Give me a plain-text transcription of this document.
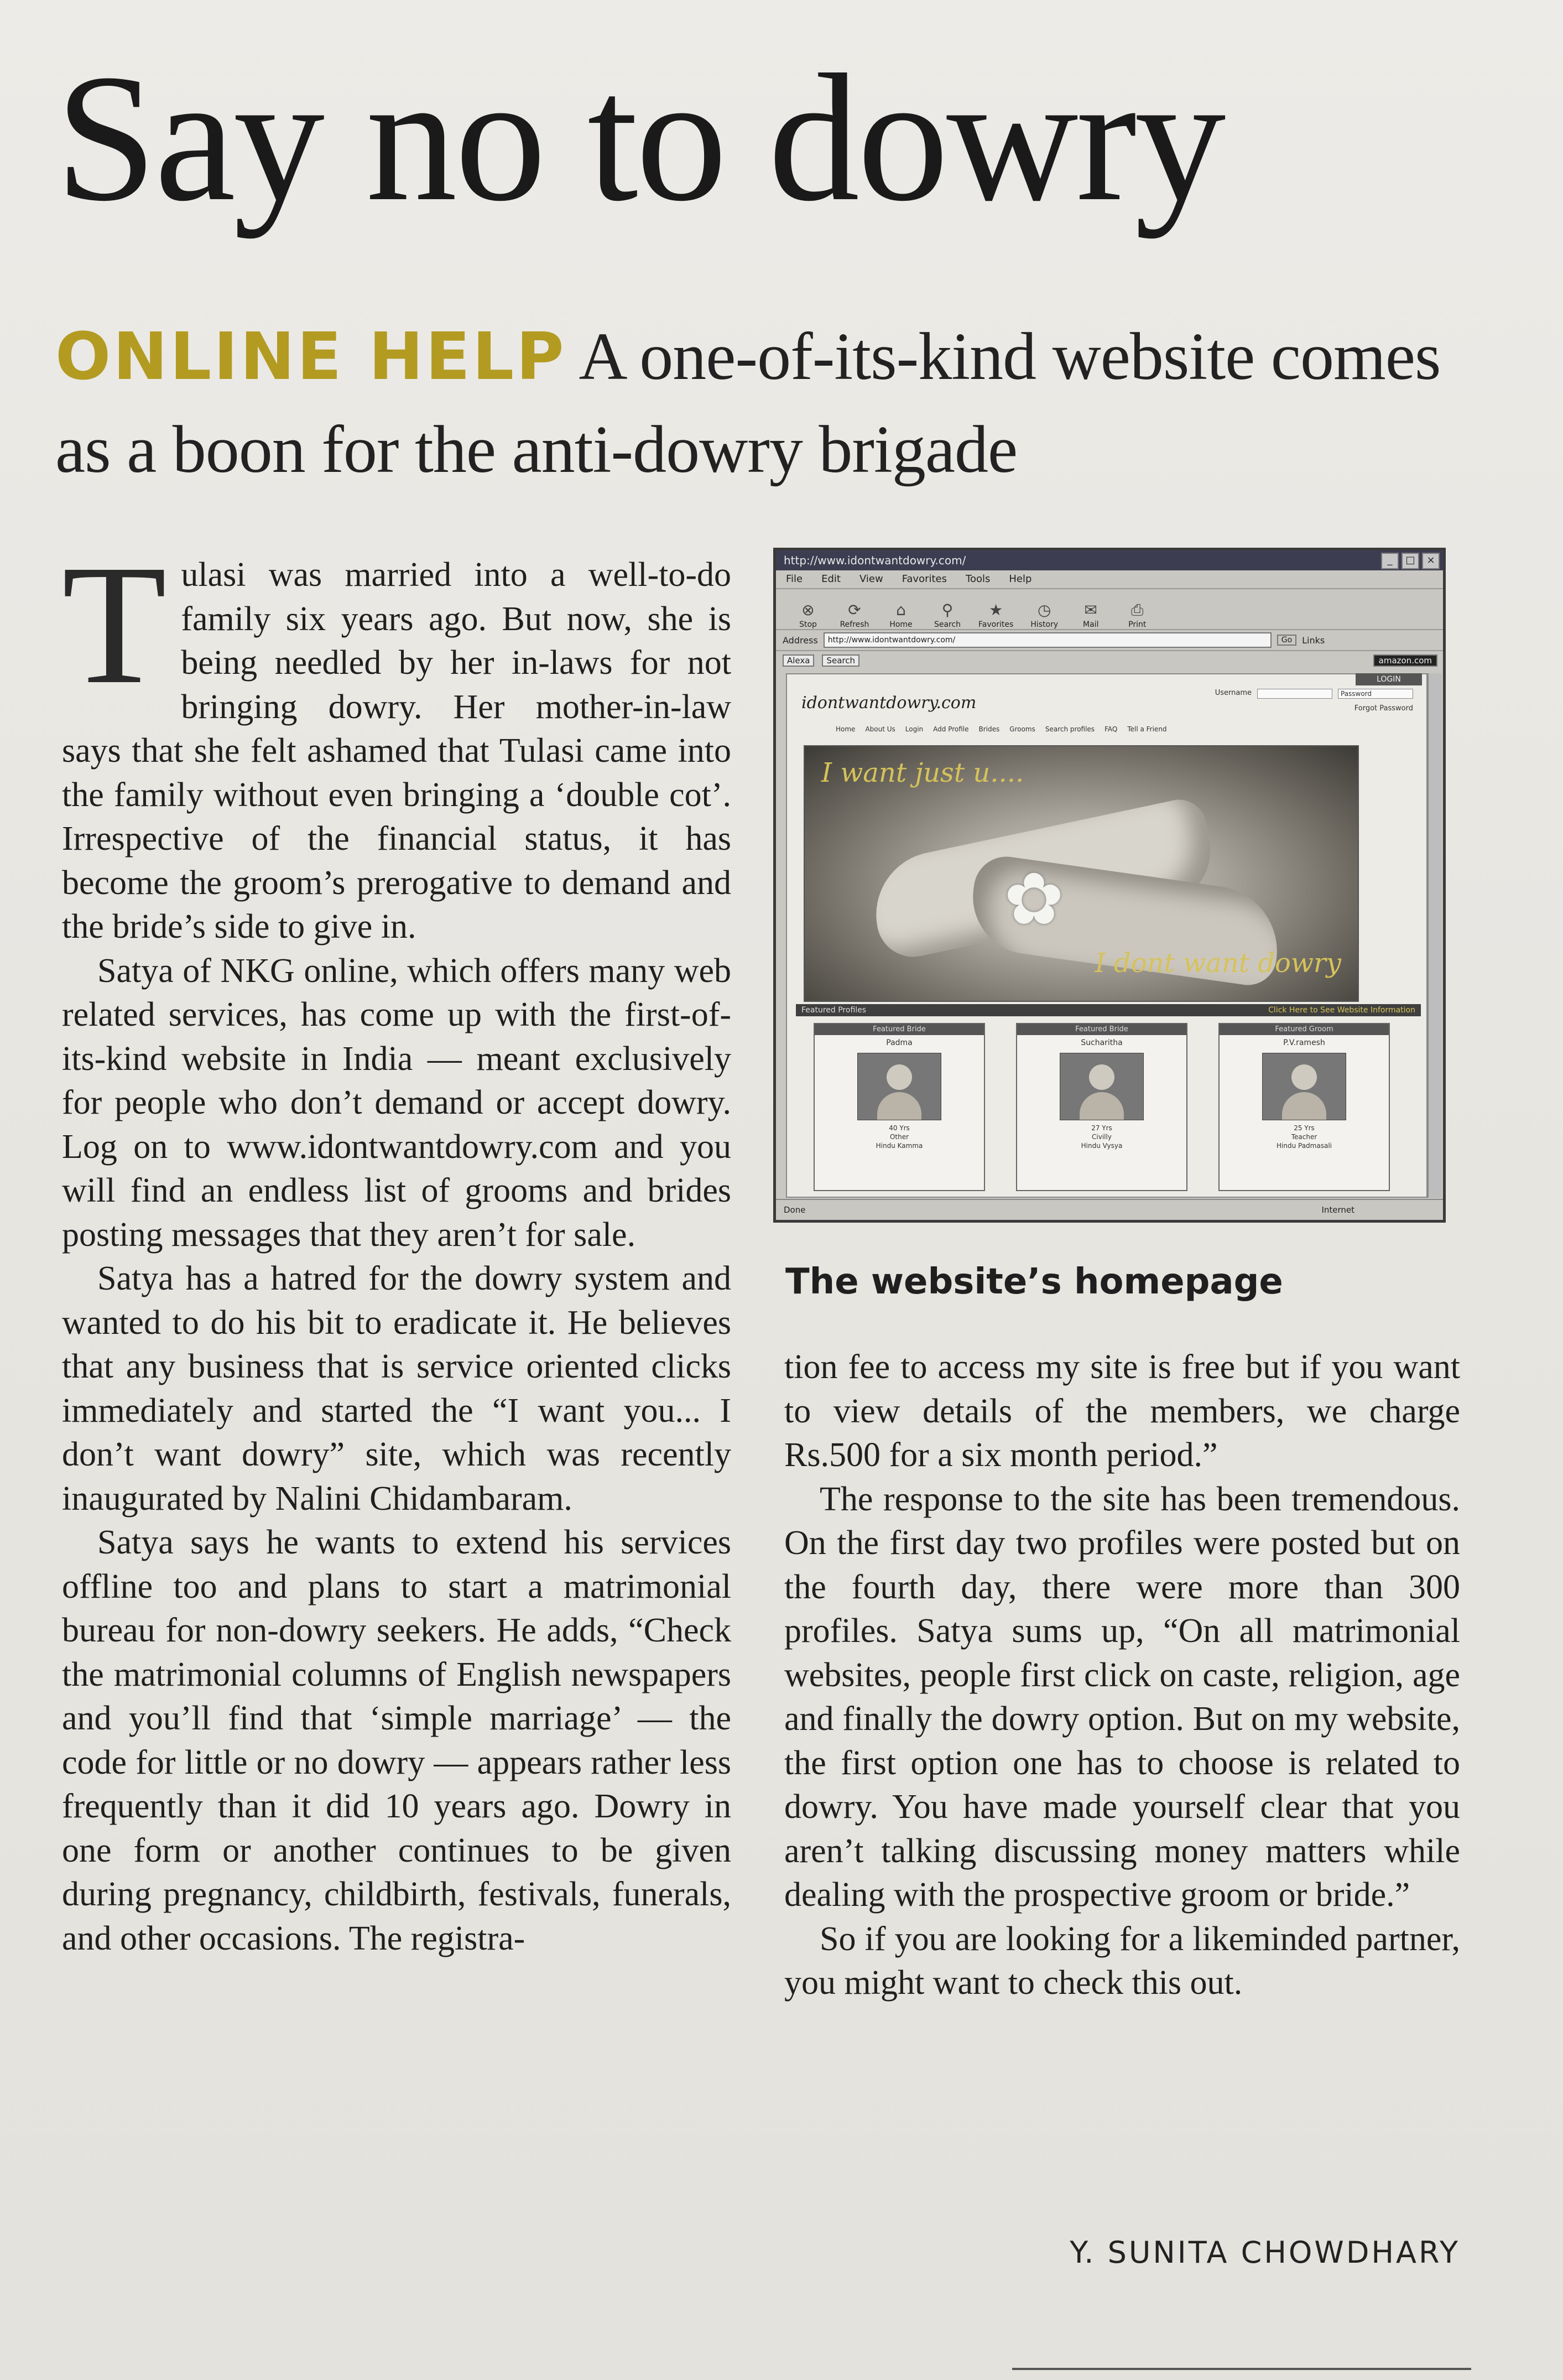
Say no to dowry
ONLINE HELP A one-of-its-kind website comes as a boon for the anti-dowry brigade

Tulasi was married into a well-to-do family six years ago. But now, she is being needled by her in-laws for not bringing dowry. Her mother-in-law says that she felt ashamed that Tulasi came into the family without even bringing a ‘double cot’. Irrespective of the financial status, it has become the groom’s prerogative to demand and the bride’s side to give in.

Satya of NKG online, which offers many web related services, has come up with the first-of-its-kind website in India — meant exclusively for people who don’t demand or accept dowry. Log on to www.idontwantdowry.com and you will find an endless list of grooms and brides posting messages that they aren’t for sale.

Satya has a hatred for the dowry system and wanted to do his bit to eradicate it. He believes that any business that is service oriented clicks immediately and started the “I want you... I don’t want dowry” site, which was recently inaugurated by Nalini Chidambaram.

Satya says he wants to extend his services offline too and plans to start a matrimonial bureau for non-dowry seekers. He adds, “Check the matrimonial columns of English newspapers and you’ll find that ‘simple marriage’ — the code for little or no dowry — appears rather less frequently than it did 10 years ago. Dowry in one form or another continues to be given during pregnancy, childbirth, festivals, funerals, and other occasions. The registra-

http://www.idontwantdowry.com/	_	□	×
File Edit View Favorites Tools Help
⊗
Stop
⟳
Refresh
⌂
Home
⚲
Search
★
Favorites
◷
History
✉
Mail
⎙
Print
Address	http://www.idontwantdowry.com/	Go	Links
Alexa	Search	amazon.com
idontwantdowry.com
LOGIN
Username	Password
Forgot Password
Home About Us Login Add Profile Brides Grooms Search profiles FAQ Tell a Friend
✿
I want just u....
I dont want dowry
Featured Profiles	Click Here to See Website Information
Featured Bride
Padma
40 Yrs
Other
Hindu Kamma
Featured Bride
Sucharitha
27 Yrs
Civilly
Hindu Vysya
Featured Groom
P.V.ramesh
25 Yrs
Teacher
Hindu Padmasali
Done	Internet
The website’s homepage

tion fee to access my site is free but if you want to view details of the members, we charge Rs.500 for a six month period.”

The response to the site has been tremendous. On the first day two profiles were posted but on the fourth day, there were more than 300 profiles. Satya sums up, “On all matrimonial websites, people first click on caste, religion, age and finally the dowry option. But on my website, the first option one has to choose is related to dowry. You have made yourself clear that you aren’t talking discussing money matters while dealing with the prospective groom or bride.”

So if you are looking for a likeminded partner, you might want to check this out.

Y. SUNITA CHOWDHARY
